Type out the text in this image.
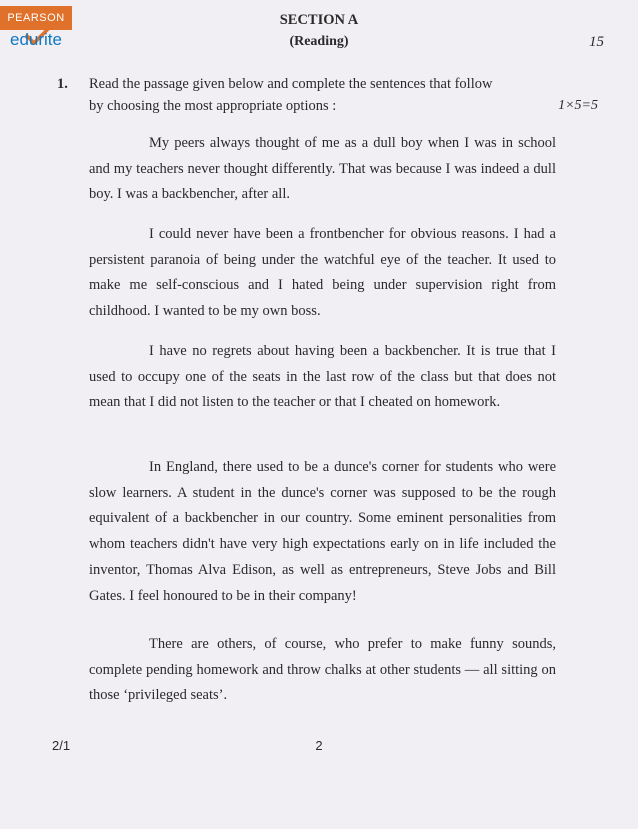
PEARSON
edurite
SECTION A
(Reading)	15
1. Read the passage given below and complete the sentences that follow
by choosing the most appropriate options :	1×5=5
My peers always thought of me as a dull boy when I was in school and my teachers never thought differently. That was because I was indeed a dull boy. I was a backbencher, after all.
I could never have been a frontbencher for obvious reasons. I had a persistent paranoia of being under the watchful eye of the teacher. It used to make me self-conscious and I hated being under supervision right from childhood. I wanted to be my own boss.
I have no regrets about having been a backbencher. It is true that I used to occupy one of the seats in the last row of the class but that does not mean that I did not listen to the teacher or that I cheated on homework.
In England, there used to be a dunce's corner for students who were slow learners. A student in the dunce's corner was supposed to be the rough equivalent of a backbencher in our country. Some eminent personalities from whom teachers didn't have very high expectations early on in life included the inventor, Thomas Alva Edison, as well as entrepreneurs, Steve Jobs and Bill Gates. I feel honoured to be in their company!
There are others, of course, who prefer to make funny sounds, complete pending homework and throw chalks at other students — all sitting on those ‘privileged seats’.
2/1	2
